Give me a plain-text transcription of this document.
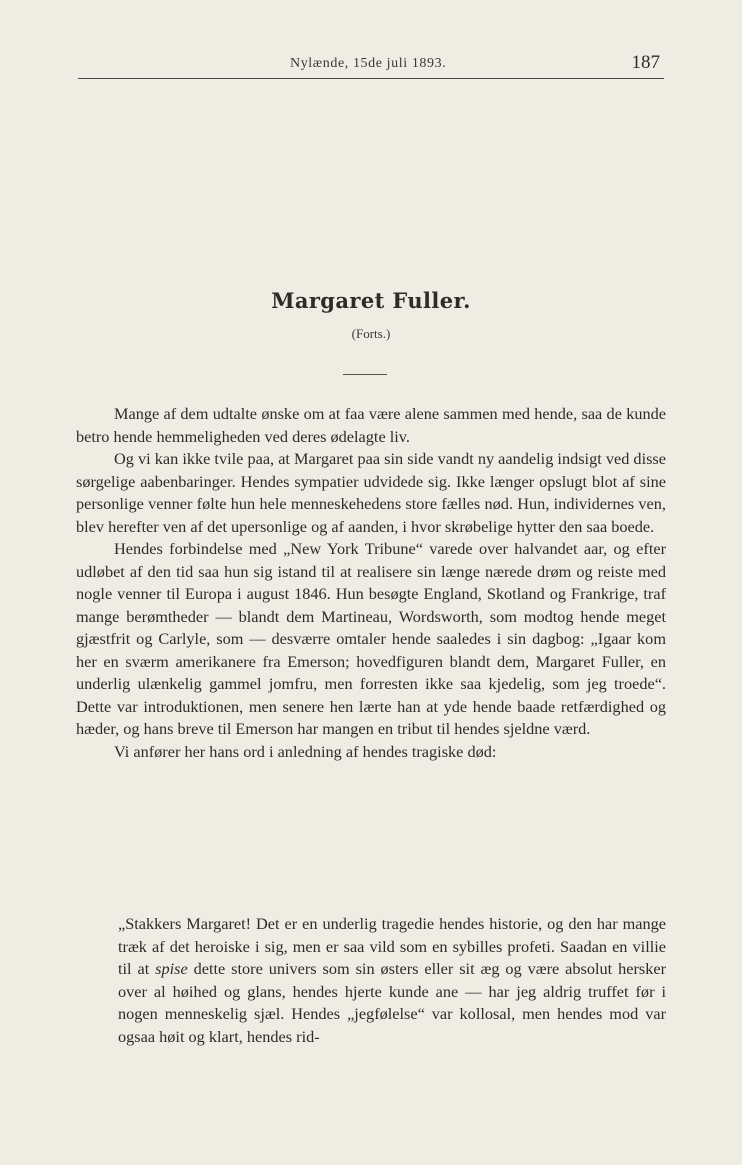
Nylænde, 15de juli 1893.	187
Margaret Fuller.
(Forts.)

Mange af dem udtalte ønske om at faa være alene sammen med hende, saa de kunde betro hende hemmeligheden ved deres ødelagte liv.

Og vi kan ikke tvile paa, at Margaret paa sin side vandt ny aandelig indsigt ved disse sørgelige aabenbaringer. Hendes sympatier udvidede sig. Ikke længer opslugt blot af sine personlige venner følte hun hele menneskehedens store fælles nød. Hun, individernes ven, blev herefter ven af det upersonlige og af aanden, i hvor skrøbelige hytter den saa boede.

Hendes forbindelse med „New York Tribune“ varede over halvandet aar, og efter udløbet af den tid saa hun sig istand til at realisere sin længe nærede drøm og reiste med nogle venner til Europa i august 1846. Hun besøgte England, Skotland og Frankrige, traf mange berømtheder — blandt dem Martineau, Wordsworth, som modtog hende meget gjæstfrit og Carlyle, som — desværre omtaler hende saaledes i sin dagbog: „Igaar kom her en sværm amerikanere fra Emerson; hovedfiguren blandt dem, Margaret Fuller, en underlig ulænkelig gammel jomfru, men forresten ikke saa kjedelig, som jeg troede“. Dette var introduktionen, men senere hen lærte han at yde hende baade retfærdighed og hæder, og hans breve til Emerson har mangen en tribut til hendes sjeldne værd.

Vi anfører her hans ord i anledning af hendes tragiske død:

„Stakkers Margaret! Det er en underlig tragedie hendes historie, og den har mange træk af det heroiske i sig, men er saa vild som en sybilles profeti. Saadan en villie til at spise dette store univers som sin østers eller sit æg og være absolut hersker over al høihed og glans, hendes hjerte kunde ane — har jeg aldrig truffet før i nogen menneskelig sjæl. Hendes „jegfølelse“ var kollosal, men hendes mod var ogsaa høit og klart, hendes rid-
